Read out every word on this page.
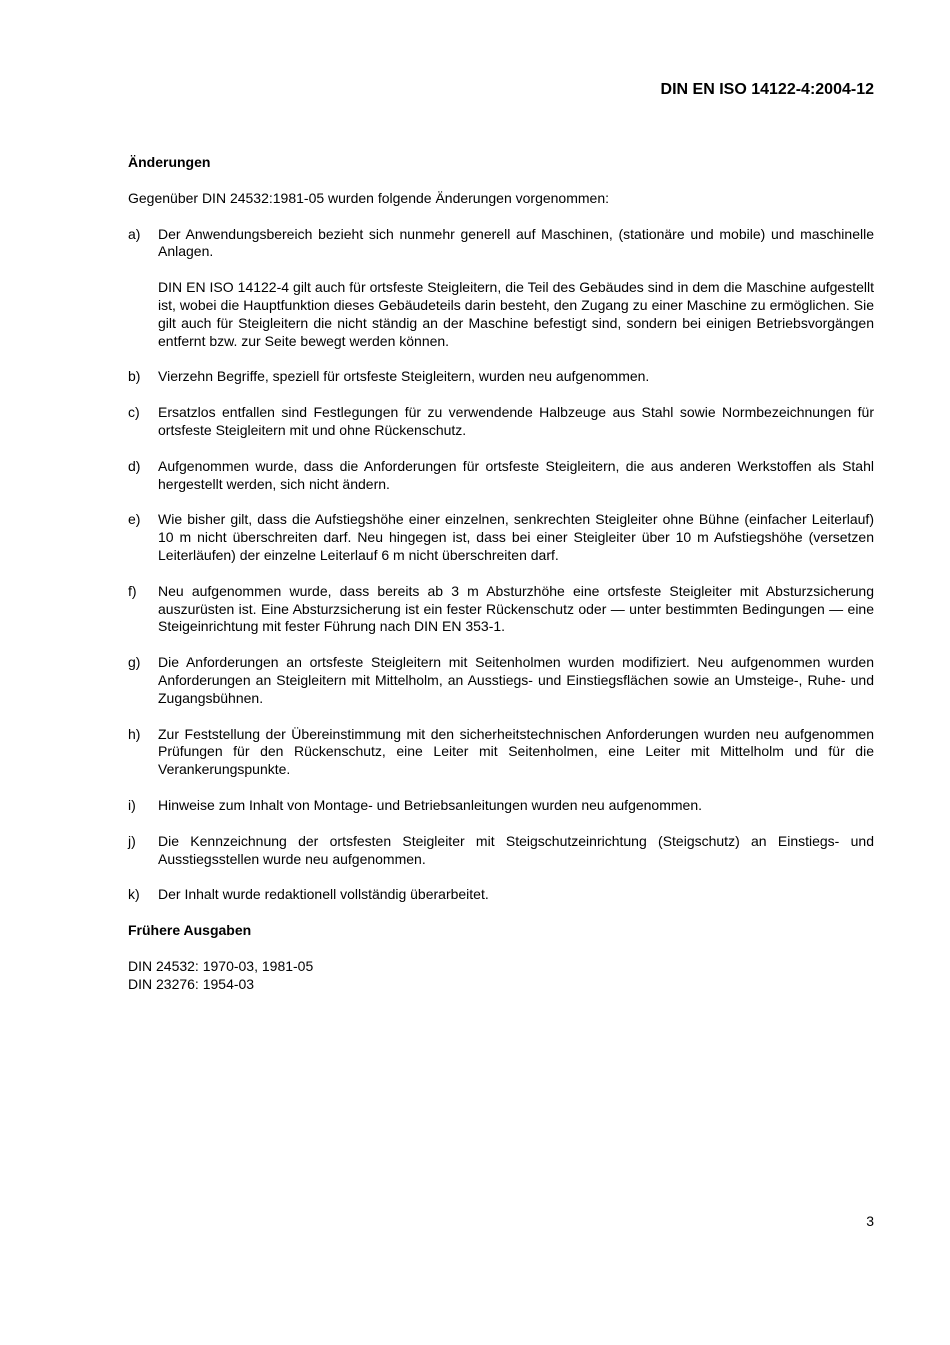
DIN EN ISO 14122-4:2004-12
Änderungen

Gegenüber DIN 24532:1981-05 wurden folgende Änderungen vorgenommen:

a) Der Anwendungsbereich bezieht sich nunmehr generell auf Maschinen, (stationäre und mobile) und maschinelle Anlagen.
DIN EN ISO 14122-4 gilt auch für ortsfeste Steigleitern, die Teil des Gebäudes sind in dem die Maschine aufgestellt ist, wobei die Hauptfunktion dieses Gebäudeteils darin besteht, den Zugang zu einer Maschine zu ermöglichen. Sie gilt auch für Steigleitern die nicht ständig an der Maschine befestigt sind, sondern bei einigen Betriebsvorgängen entfernt bzw. zur Seite bewegt werden können.
b) Vierzehn Begriffe, speziell für ortsfeste Steigleitern, wurden neu aufgenommen.
c) Ersatzlos entfallen sind Festlegungen für zu verwendende Halbzeuge aus Stahl sowie Normbezeichnungen für ortsfeste Steigleitern mit und ohne Rückenschutz.
d) Aufgenommen wurde, dass die Anforderungen für ortsfeste Steigleitern, die aus anderen Werkstoffen als Stahl hergestellt werden, sich nicht ändern.
e) Wie bisher gilt, dass die Aufstiegshöhe einer einzelnen, senkrechten Steigleiter ohne Bühne (einfacher Leiterlauf) 10 m nicht überschreiten darf. Neu hingegen ist, dass bei einer Steigleiter über 10 m Aufstiegshöhe (versetzen Leiterläufen) der einzelne Leiterlauf 6 m nicht überschreiten darf.
f) Neu aufgenommen wurde, dass bereits ab 3 m Absturzhöhe eine ortsfeste Steigleiter mit Absturzsicherung auszurüsten ist. Eine Absturzsicherung ist ein fester Rückenschutz oder — unter bestimmten Bedingungen — eine Steigeinrichtung mit fester Führung nach DIN EN 353-1.
g) Die Anforderungen an ortsfeste Steigleitern mit Seitenholmen wurden modifiziert. Neu aufgenommen wurden Anforderungen an Steigleitern mit Mittelholm, an Ausstiegs- und Einstiegsflächen sowie an Umsteige-, Ruhe- und Zugangsbühnen.
h) Zur Feststellung der Übereinstimmung mit den sicherheitstechnischen Anforderungen wurden neu aufgenommen Prüfungen für den Rückenschutz, eine Leiter mit Seitenholmen, eine Leiter mit Mittelholm und für die Verankerungspunkte.
i) Hinweise zum Inhalt von Montage- und Betriebsanleitungen wurden neu aufgenommen.
j) Die Kennzeichnung der ortsfesten Steigleiter mit Steigschutzeinrichtung (Steigschutz) an Einstiegs- und Ausstiegsstellen wurde neu aufgenommen.
k) Der Inhalt wurde redaktionell vollständig überarbeitet.
Frühere Ausgaben
DIN 24532: 1970-03, 1981-05
DIN 23276: 1954-03
3
